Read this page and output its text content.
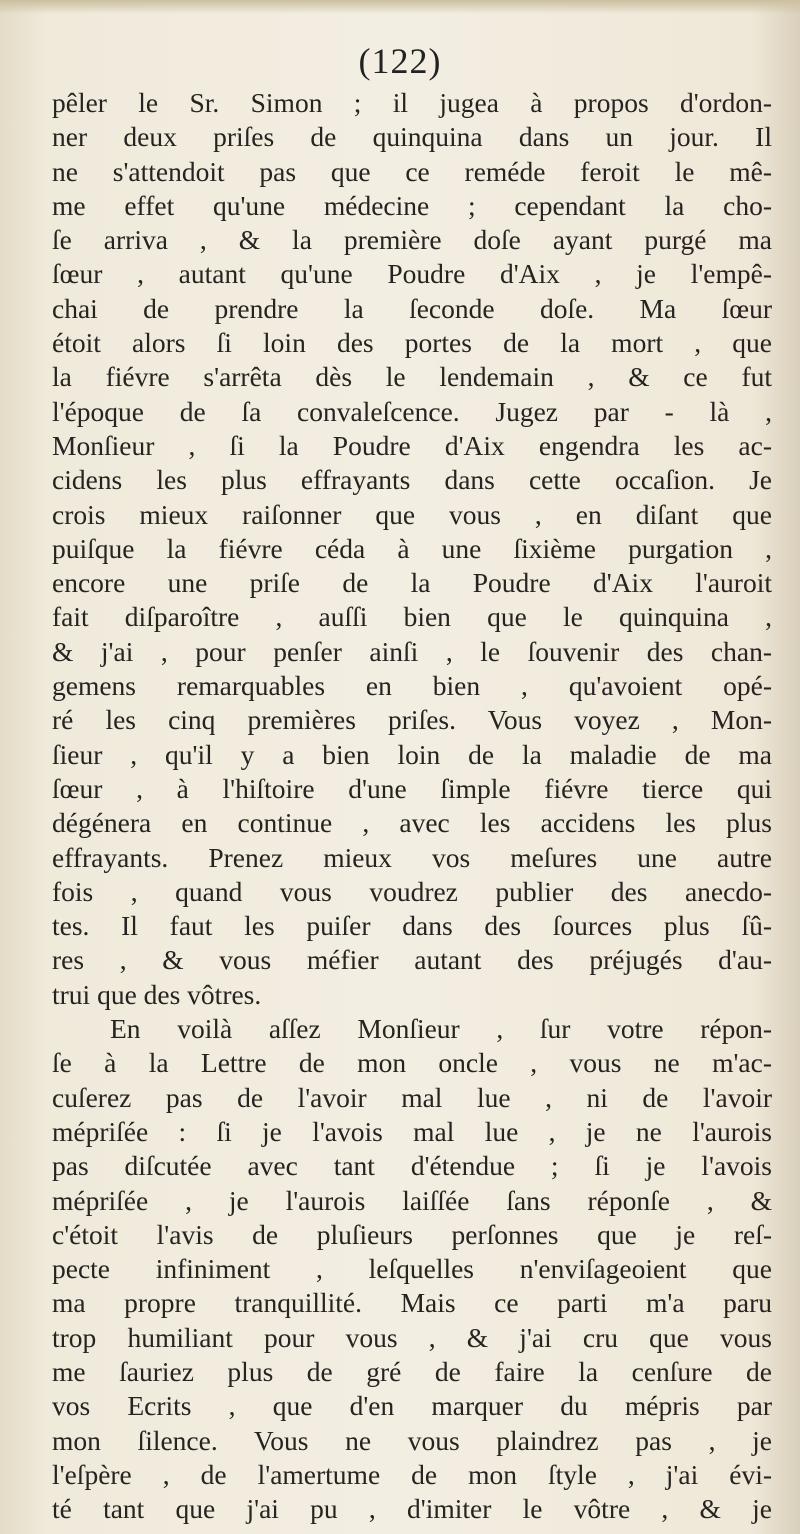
(122)
pêler le Sr. Simon ; il jugea à propos d'ordon-
ner deux priſes de quinquina dans un jour. Il
ne s'attendoit pas que ce reméde feroit le mê-
me effet qu'une médecine ; cependant la cho-
ſe arriva , & la première doſe ayant purgé ma
ſœur , autant qu'une Poudre d'Aix , je l'empê-
chai de prendre la ſeconde doſe. Ma ſœur
étoit alors ſi loin des portes de la mort , que
la fiévre s'arrêta dès le lendemain , & ce fut
l'époque de ſa convaleſcence. Jugez par - là ,
Monſieur , ſi la Poudre d'Aix engendra les ac-
cidens les plus effrayants dans cette occaſion. Je
crois mieux raiſonner que vous , en diſant que
puiſque la fiévre céda à une ſixième purgation ,
encore une priſe de la Poudre d'Aix l'auroit
fait diſparoître , auſſi bien que le quinquina ,
& j'ai , pour penſer ainſi , le ſouvenir des chan-
gemens remarquables en bien , qu'avoient opé-
ré les cinq premières priſes. Vous voyez , Mon-
ſieur , qu'il y a bien loin de la maladie de ma
ſœur , à l'hiſtoire d'une ſimple fiévre tierce qui
dégénera en continue , avec les accidens les plus
effrayants. Prenez mieux vos meſures une autre
fois , quand vous voudrez publier des anecdo-
tes. Il faut les puiſer dans des ſources plus ſû-
res , & vous méfier autant des préjugés d'au-
trui que des vôtres.
En voilà aſſez Monſieur , ſur votre répon-
ſe à la Lettre de mon oncle , vous ne m'ac-
cuſerez pas de l'avoir mal lue , ni de l'avoir
mépriſée : ſi je l'avois mal lue , je ne l'aurois
pas diſcutée avec tant d'étendue ; ſi je l'avois
mépriſée , je l'aurois laiſſée ſans réponſe , &
c'étoit l'avis de pluſieurs perſonnes que je reſ-
pecte infiniment , leſquelles n'enviſageoient que
ma propre tranquillité. Mais ce parti m'a paru
trop humiliant pour vous , & j'ai cru que vous
me ſauriez plus de gré de faire la cenſure de
vos Ecrits , que d'en marquer du mépris par
mon ſilence. Vous ne vous plaindrez pas , je
l'eſpère , de l'amertume de mon ſtyle , j'ai évi-
té tant que j'ai pu , d'imiter le vôtre , & je
